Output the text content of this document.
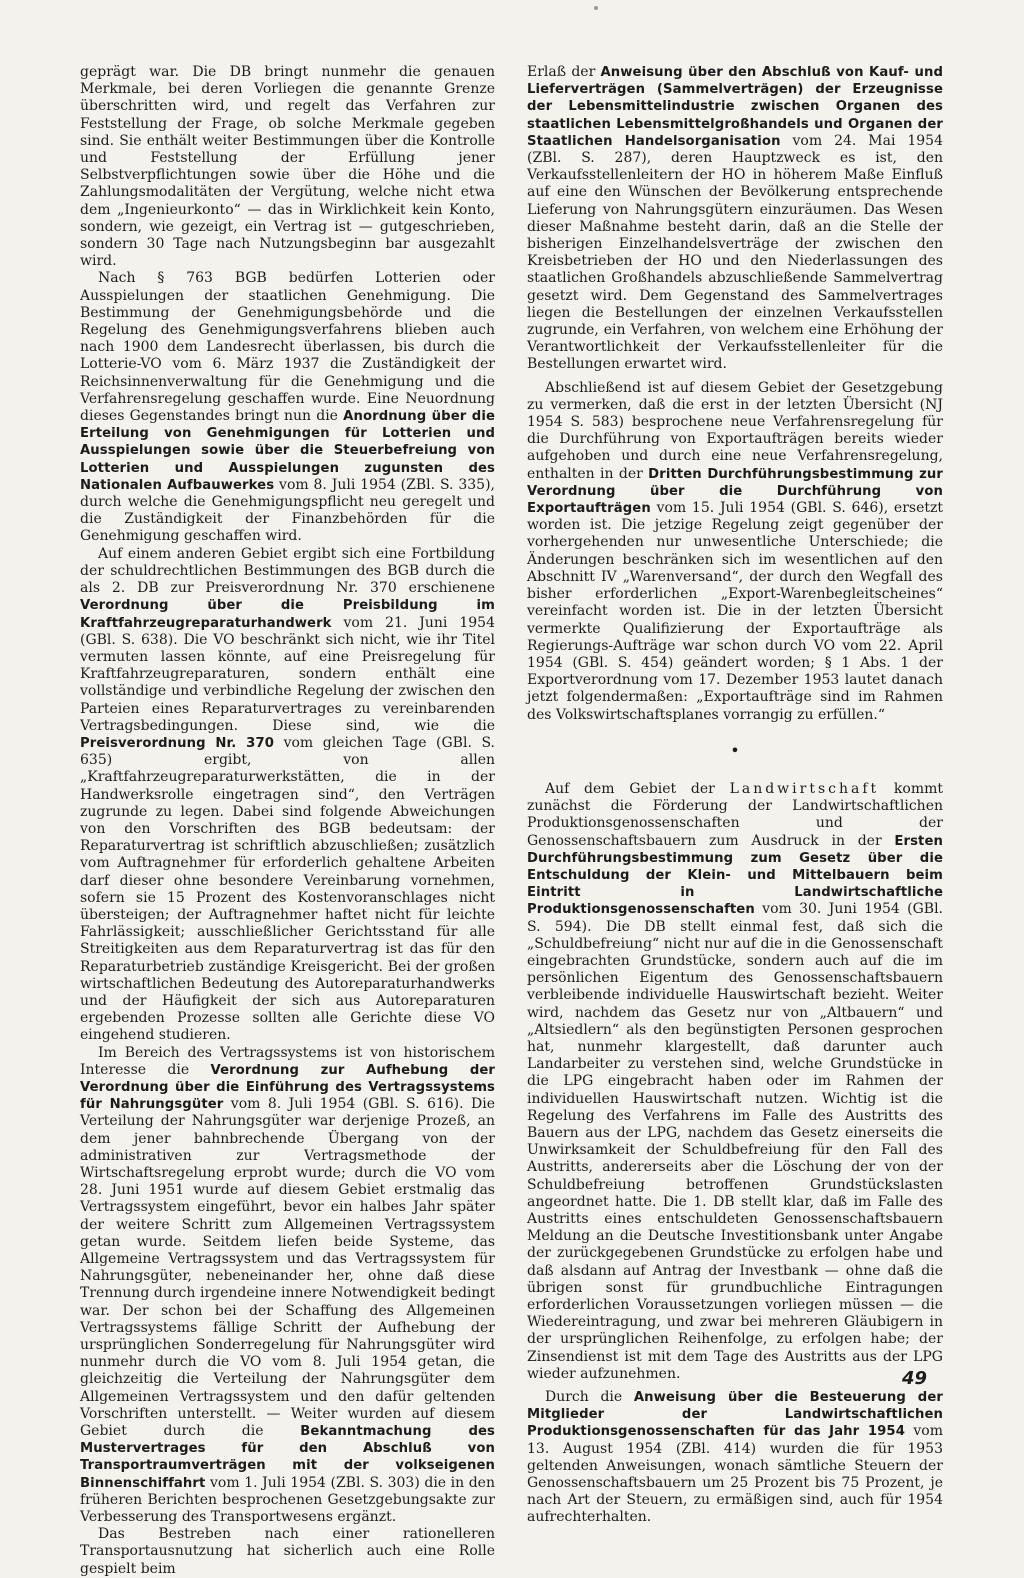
geprägt war. Die DB bringt nunmehr die genauen Merkmale, bei deren Vorliegen die genannte Grenze überschritten wird, und regelt das Verfahren zur Feststellung der Frage, ob solche Merkmale gegeben sind. Sie enthält weiter Bestimmungen über die Kontrolle und Feststellung der Erfüllung jener Selbstverpflichtungen sowie über die Höhe und die Zahlungsmodalitäten der Vergütung, welche nicht etwa dem „Ingenieurkonto“ — das in Wirklichkeit kein Konto, sondern, wie gezeigt, ein Vertrag ist — gutgeschrieben, sondern 30 Tage nach Nutzungsbeginn bar ausgezahlt wird.

Nach § 763 BGB bedürfen Lotterien oder Ausspielungen der staatlichen Genehmigung. Die Bestimmung der Genehmigungsbehörde und die Regelung des Genehmigungsverfahrens blieben auch nach 1900 dem Landesrecht überlassen, bis durch die Lotterie-VO vom 6. März 1937 die Zuständigkeit der Reichsinnenverwaltung für die Genehmigung und die Verfahrensregelung geschaffen wurde. Eine Neuordnung dieses Gegenstandes bringt nun die Anordnung über die Erteilung von Genehmigungen für Lotterien und Ausspielungen sowie über die Steuerbefreiung von Lotterien und Ausspielungen zugunsten des Nationalen Aufbauwerkes vom 8. Juli 1954 (ZBl. S. 335), durch welche die Genehmigungspflicht neu geregelt und die Zuständigkeit der Finanzbehörden für die Genehmigung geschaffen wird.

Auf einem anderen Gebiet ergibt sich eine Fortbildung der schuldrechtlichen Bestimmungen des BGB durch die als 2. DB zur Preisverordnung Nr. 370 erschienene Verordnung über die Preisbildung im Kraftfahrzeugreparaturhandwerk vom 21. Juni 1954 (GBl. S. 638). Die VO beschränkt sich nicht, wie ihr Titel vermuten lassen könnte, auf eine Preisregelung für Kraftfahrzeugreparaturen, sondern enthält eine vollständige und verbindliche Regelung der zwischen den Parteien eines Reparaturvertrages zu vereinbarenden Vertragsbedingungen. Diese sind, wie die Preisverordnung Nr. 370 vom gleichen Tage (GBl. S. 635) ergibt, von allen „Kraftfahrzeugreparaturwerkstätten, die in der Handwerksrolle eingetragen sind“, den Verträgen zugrunde zu legen. Dabei sind folgende Abweichungen von den Vorschriften des BGB bedeutsam: der Reparaturvertrag ist schriftlich abzuschließen; zusätzlich vom Auftragnehmer für erforderlich gehaltene Arbeiten darf dieser ohne besondere Vereinbarung vornehmen, sofern sie 15 Prozent des Kostenvoranschlages nicht übersteigen; der Auftragnehmer haftet nicht für leichte Fahrlässigkeit; ausschließlicher Gerichtsstand für alle Streitigkeiten aus dem Reparaturvertrag ist das für den Reparaturbetrieb zuständige Kreisgericht. Bei der großen wirtschaftlichen Bedeutung des Autoreparaturhandwerks und der Häufigkeit der sich aus Autoreparaturen ergebenden Prozesse sollten alle Gerichte diese VO eingehend studieren.

Im Bereich des Vertragssystems ist von historischem Interesse die Verordnung zur Aufhebung der Verordnung über die Einführung des Vertragssystems für Nahrungsgüter vom 8. Juli 1954 (GBl. S. 616). Die Verteilung der Nahrungsgüter war derjenige Prozeß, an dem jener bahnbrechende Übergang von der administrativen zur Vertragsmethode der Wirtschaftsregelung erprobt wurde; durch die VO vom 28. Juni 1951 wurde auf diesem Gebiet erstmalig das Vertragssystem eingeführt, bevor ein halbes Jahr später der weitere Schritt zum Allgemeinen Vertragssystem getan wurde. Seitdem liefen beide Systeme, das Allgemeine Vertragssystem und das Vertragssystem für Nahrungsgüter, nebeneinander her, ohne daß diese Trennung durch irgendeine innere Notwendigkeit bedingt war. Der schon bei der Schaffung des Allgemeinen Vertragssystems fällige Schritt der Aufhebung der ursprünglichen Sonderregelung für Nahrungsgüter wird nunmehr durch die VO vom 8. Juli 1954 getan, die gleichzeitig die Verteilung der Nahrungsgüter dem Allgemeinen Vertragssystem und den dafür geltenden Vorschriften unterstellt. — Weiter wurden auf diesem Gebiet durch die Bekanntmachung des Mustervertrages für den Abschluß von Transportraumverträgen mit der volkseigenen Binnenschiffahrt vom 1. Juli 1954 (ZBl. S. 303) die in den früheren Berichten besprochenen Gesetzgebungsakte zur Verbesserung des Transportwesens ergänzt.

Das Bestreben nach einer rationelleren Transportausnutzung hat sicherlich auch eine Rolle gespielt beim

Erlaß der Anweisung über den Abschluß von Kauf- und Lieferverträgen (Sammelverträgen) der Erzeugnisse der Lebensmittelindustrie zwischen Organen des staatlichen Lebensmittelgroßhandels und Organen der Staatlichen Handelsorganisation vom 24. Mai 1954 (ZBl. S. 287), deren Hauptzweck es ist, den Verkaufsstellenleitern der HO in höherem Maße Einfluß auf eine den Wünschen der Bevölkerung entsprechende Lieferung von Nahrungsgütern einzuräumen. Das Wesen dieser Maßnahme besteht darin, daß an die Stelle der bisherigen Einzelhandelsverträge der zwischen den Kreisbetrieben der HO und den Niederlassungen des staatlichen Großhandels abzuschließende Sammelvertrag gesetzt wird. Dem Gegenstand des Sammelvertrages liegen die Bestellungen der einzelnen Verkaufsstellen zugrunde, ein Verfahren, von welchem eine Erhöhung der Verantwortlichkeit der Verkaufsstellenleiter für die Bestellungen erwartet wird.

Abschließend ist auf diesem Gebiet der Gesetzgebung zu vermerken, daß die erst in der letzten Übersicht (NJ 1954 S. 583) besprochene neue Verfahrensregelung für die Durchführung von Exportaufträgen bereits wieder aufgehoben und durch eine neue Verfahrensregelung, enthalten in der Dritten Durchführungsbestimmung zur Verordnung über die Durchführung von Exportaufträgen vom 15. Juli 1954 (GBl. S. 646), ersetzt worden ist. Die jetzige Regelung zeigt gegenüber der vorhergehenden nur unwesentliche Unterschiede; die Änderungen beschränken sich im wesentlichen auf den Abschnitt IV „Warenversand“, der durch den Wegfall des bisher erforderlichen „Export-Warenbegleitscheines“ vereinfacht worden ist. Die in der letzten Übersicht vermerkte Qualifizierung der Exportaufträge als Regierungs-Aufträge war schon durch VO vom 22. April 1954 (GBl. S. 454) geändert worden; § 1 Abs. 1 der Exportverordnung vom 17. Dezember 1953 lautet danach jetzt folgendermaßen: „Exportaufträge sind im Rahmen des Volkswirtschaftsplanes vorrangig zu erfüllen.“

•

Auf dem Gebiet der Landwirtschaft kommt zunächst die Förderung der Landwirtschaftlichen Produktionsgenossenschaften und der Genossenschaftsbauern zum Ausdruck in der Ersten Durchführungsbestimmung zum Gesetz über die Entschuldung der Klein- und Mittelbauern beim Eintritt in Landwirtschaftliche Produktionsgenossenschaften vom 30. Juni 1954 (GBl. S. 594). Die DB stellt einmal fest, daß sich die „Schuldbefreiung“ nicht nur auf die in die Genossenschaft eingebrachten Grundstücke, sondern auch auf die im persönlichen Eigentum des Genossenschaftsbauern verbleibende individuelle Hauswirtschaft bezieht. Weiter wird, nachdem das Gesetz nur von „Altbauern“ und „Altsiedlern“ als den begünstigten Personen gesprochen hat, nunmehr klargestellt, daß darunter auch Landarbeiter zu verstehen sind, welche Grundstücke in die LPG eingebracht haben oder im Rahmen der individuellen Hauswirtschaft nutzen. Wichtig ist die Regelung des Verfahrens im Falle des Austritts des Bauern aus der LPG, nachdem das Gesetz einerseits die Unwirksamkeit der Schuldbefreiung für den Fall des Austritts, andererseits aber die Löschung der von der Schuldbefreiung betroffenen Grundstückslasten angeordnet hatte. Die 1. DB stellt klar, daß im Falle des Austritts eines entschuldeten Genossenschaftsbauern Meldung an die Deutsche Investitionsbank unter Angabe der zurückgegebenen Grundstücke zu erfolgen habe und daß alsdann auf Antrag der Investbank — ohne daß die übrigen sonst für grundbuchliche Eintragungen erforderlichen Voraussetzungen vorliegen müssen — die Wiedereintragung, und zwar bei mehreren Gläubigern in der ursprünglichen Reihenfolge, zu erfolgen habe; der Zinsendienst ist mit dem Tage des Austritts aus der LPG wieder aufzunehmen.

Durch die Anweisung über die Besteuerung der Mitglieder der Landwirtschaftlichen Produktionsgenossenschaften für das Jahr 1954 vom 13. August 1954 (ZBl. 414) wurden die für 1953 geltenden Anweisungen, wonach sämtliche Steuern der Genossenschaftsbauern um 25 Prozent bis 75 Prozent, je nach Art der Steuern, zu ermäßigen sind, auch für 1954 aufrechterhalten.

49
